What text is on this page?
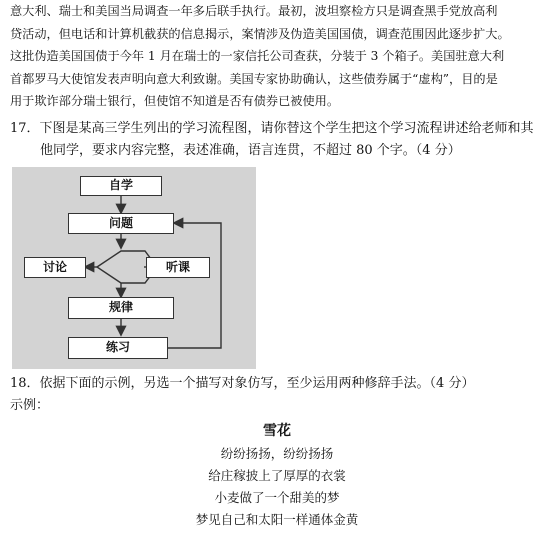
意大利、瑞士和美国当局调查一年多后联手执行。最初，波坦察检方只是调查黑手党放高利
贷活动，但电话和计算机截获的信息揭示，案情涉及伪造美国国债，调查范围因此逐步扩大。
这批伪造美国国债于今年 1 月在瑞士的一家信托公司查获，分装于 3 个箱子。美国驻意大利
首都罗马大使馆发表声明向意大利致谢。美国专家协助确认，这些债券属于“虚构”，目的是
用于欺诈部分瑞士银行，但使馆不知道是否有债券已被使用。
17．下图是某高三学生列出的学习流程图，请你替这个学生把这个学习流程讲述给老师和其
他同学，要求内容完整，表述准确，语言连贯，不超过 80 个字。（4 分）
自学
问题
讨论	听课
规律
练习
18．依据下面的示例，另选一个描写对象仿写，至少运用两种修辞手法。（4 分）
示例：
雪花
纷纷扬扬，纷纷扬扬
给庄稼披上了厚厚的衣裳
小麦做了一个甜美的梦
梦见自己和太阳一样通体金黄
